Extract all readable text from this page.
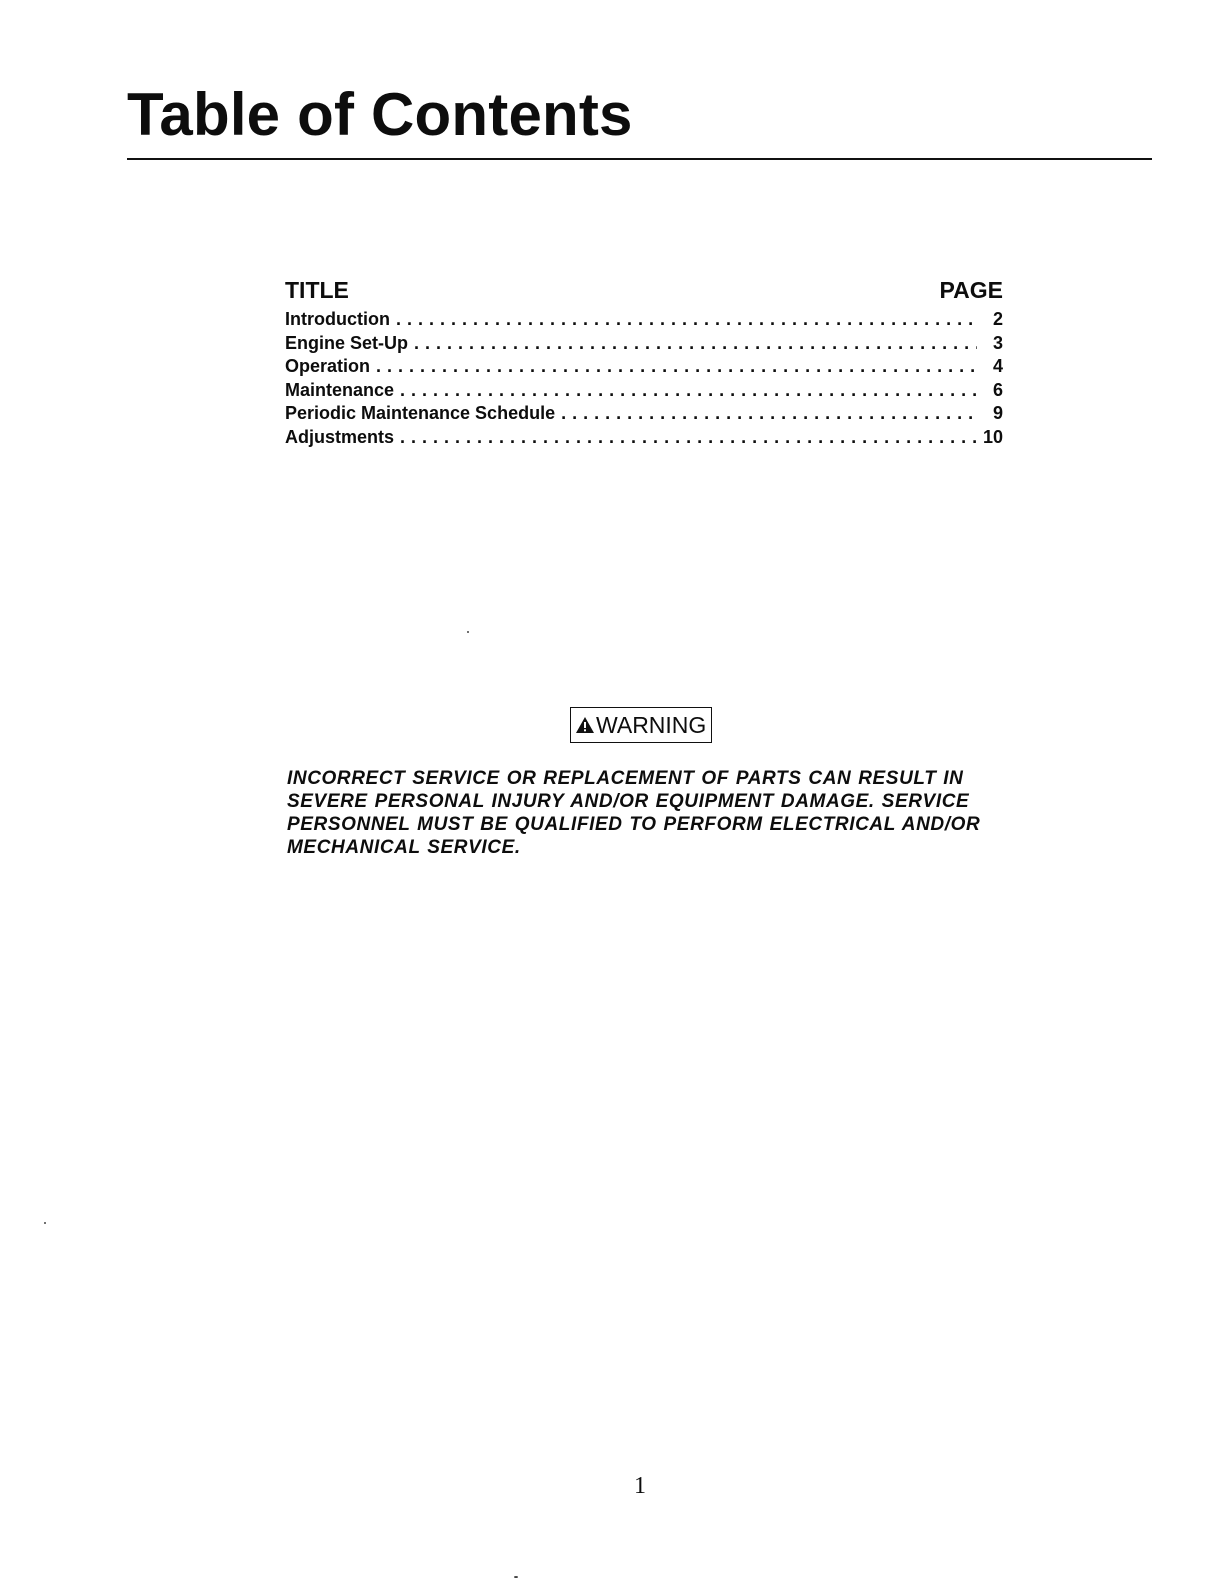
Table of Contents
TITLE	PAGE
Introduction . . .	2
Engine Set-Up . . .	3
Operation . . .	4
Maintenance . . .	6
Periodic Maintenance Schedule . . .	9
Adjustments . . .	10
WARNING

INCORRECT SERVICE OR REPLACEMENT OF PARTS CAN RESULT IN SEVERE PERSONAL INJURY AND/OR EQUIPMENT DAMAGE. SERVICE PERSONNEL MUST BE QUALIFIED TO PERFORM ELECTRICAL AND/OR MECHANICAL SERVICE.

1
